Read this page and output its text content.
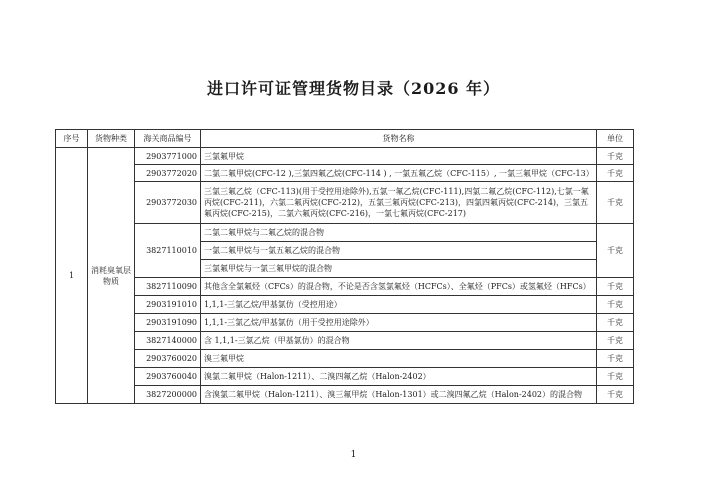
进口许可证管理货物目录（2026 年）
序号	货物种类	海关商品编号	货物名称	单位
1	消耗臭氧层物质	2903771000	三氯氟甲烷	千克
		2903772020	二氯二氟甲烷(CFC-12 ),三氯四氟乙烷(CFC-114 ) , 一氯五氟乙烷（CFC-115）, 一氯三氟甲烷（CFC-13）	千克
		2903772030	三氯三氟乙烷（CFC-113)(用于受控用途除外),五氯一氟乙烷(CFC-111),四氯二氟乙烷(CFC-112),七氯一氟丙烷(CFC-211)，六氯二氟丙烷(CFC-212)，五氯三氟丙烷(CFC-213)，四氯四氟丙烷(CFC-214)，三氯五氟丙烷(CFC-215)，二氯六氟丙烷(CFC-216)，一氯七氟丙烷(CFC-217)	千克
		3827110010	二氯二氟甲烷与二氟乙烷的混合物	千克
			一氯二氟甲烷与一氯五氟乙烷的混合物	
			三氯氟甲烷与一氯三氟甲烷的混合物	
		3827110090	其他含全氯氟烃（CFCs）的混合物，不论是否含氢氯氟烃（HCFCs）、全氟烃（PFCs）或氢氟烃（HFCs）	千克
		2903191010	1,1,1-三氯乙烷/甲基氯仿（受控用途）	千克
		2903191090	1,1,1-三氯乙烷/甲基氯仿（用于受控用途除外）	千克
		3827140000	含 1,1,1-三氯乙烷（甲基氯仿）的混合物	千克
		2903760020	溴三氟甲烷	千克
		2903760040	溴氯二氟甲烷（Halon-1211）、二溴四氟乙烷（Halon-2402）	千克
		3827200000	含溴氯二氟甲烷（Halon-1211）、溴三氟甲烷（Halon-1301）或二溴四氟乙烷（Halon-2402）的混合物	千克
1
